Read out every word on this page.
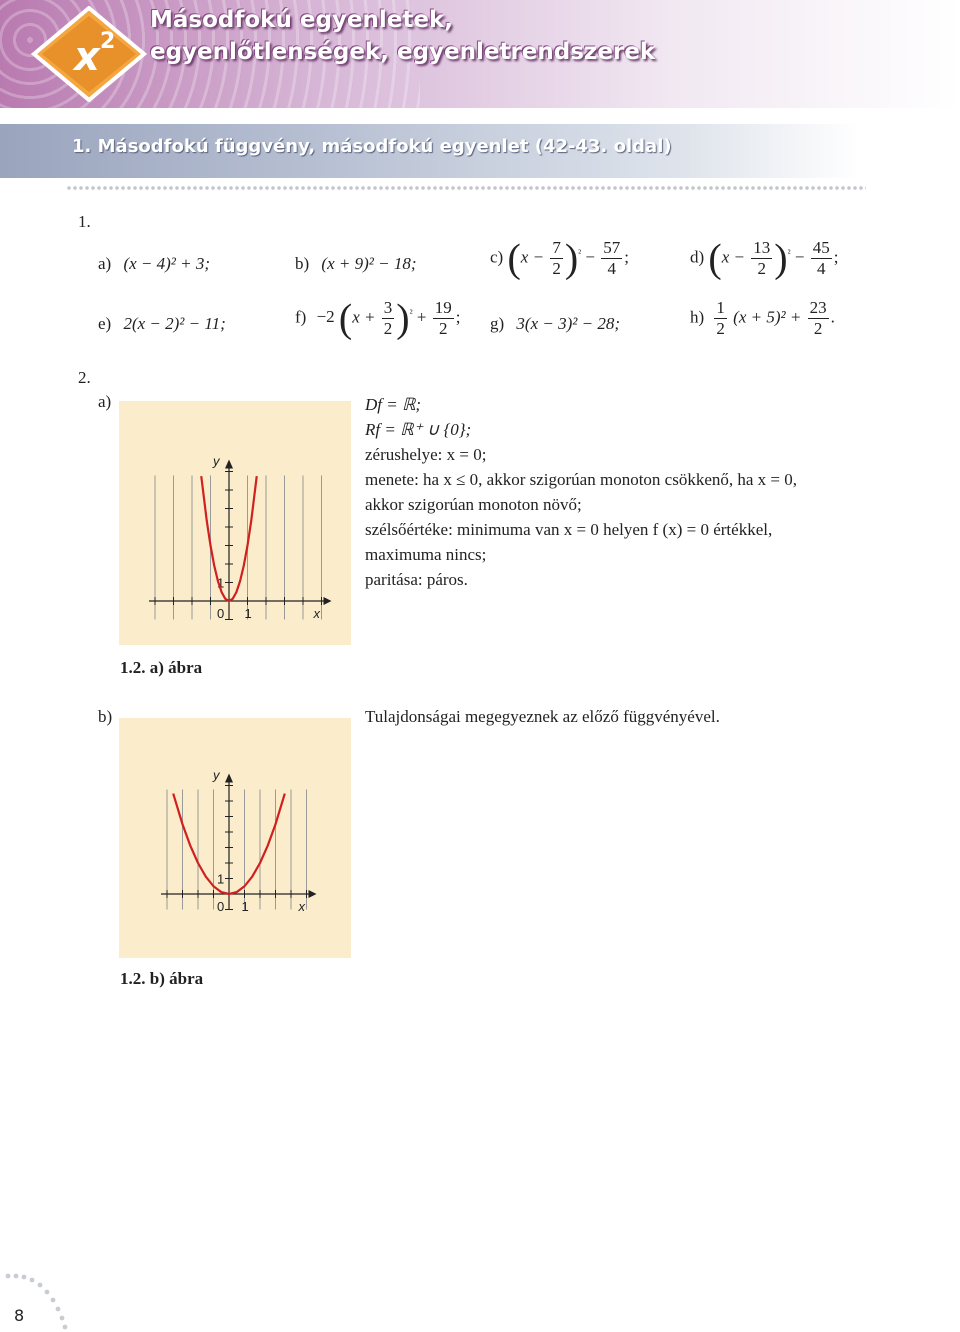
x 2
Másodfokú egyenletek,
egyenlőtlenségek, egyenletrendszerek
1. Másodfokú függvény, másodfokú egyenlet (42-43. oldal)
1.
a) (x − 4)² + 3;	b) (x + 9)² − 18;	c) $(x - \frac{7}{2} )^{^2} - \frac{57}{4}$ ;	d) $(x - \frac{13}{2} )^{^2} - \frac{45}{4}$ ;
e) 2(x − 2)² − 11;	f) −2 $(x + \frac{3}{2} )^{^2} + \frac{19}{2}$ ; g) 3(x − 3)² − 28;	$h) \frac{1}{2} (x + 5)^2 + \frac{23}{2}$ .
2.
a)
0 1
1
x
y
Df = ℝ;
Rf = ℝ⁺ ∪ {0};
zérushelye: x = 0;
menete: ha x ≤ 0, akkor szigorúan monoton csökkenő, ha x = 0,
akkor szigorúan monoton növő;
szélsőértéke: minimuma van x = 0 helyen f (x) = 0 értékkel,
maximuma nincs;
paritása: páros.
1.2. a) ábra
b)	Tulajdonságai megegyeznek az előző függvényével.
0 1
1
x
y
1.2. b) ábra
8
